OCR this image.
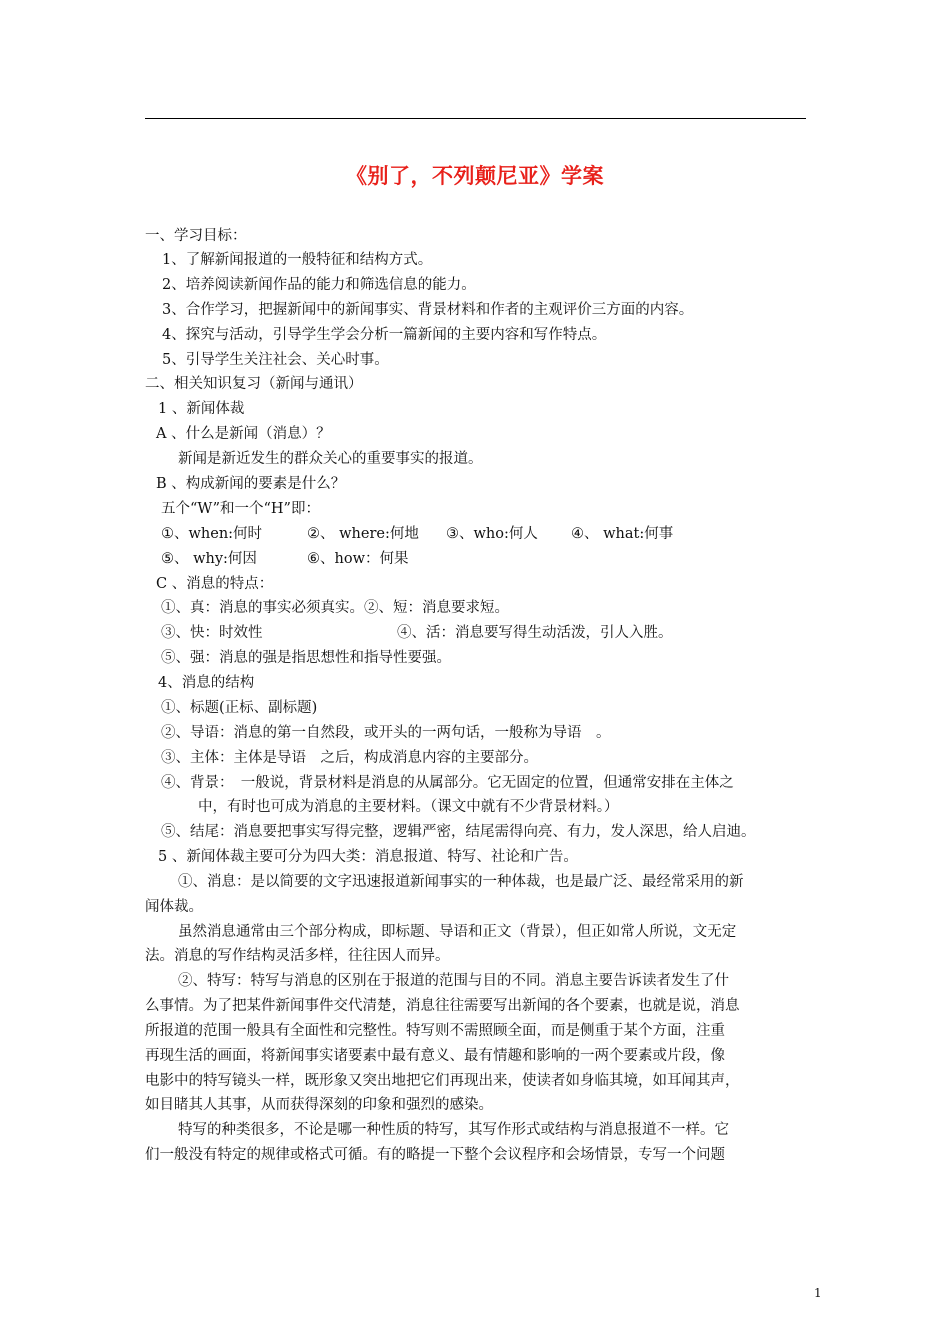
《别了，不列颠尼亚》学案
一、学习目标：
1、了解新闻报道的一般特征和结构方式。
2、培养阅读新闻作品的能力和筛选信息的能力。
3、合作学习，把握新闻中的新闻事实、背景材料和作者的主观评价三方面的内容。
4、探究与活动，引导学生学会分析一篇新闻的主要内容和写作特点。
5、引导学生关注社会、关心时事。
二、相关知识复习（新闻与通讯）
1 、新闻体裁
A 、什么是新闻（消息）？
新闻是新近发生的群众关心的重要事实的报道。
B 、构成新闻的要素是什么？
五个“W”和一个“H”即：
①、when:何时	②、 where:何地 ③、who:何人 ④、 what:何事
⑤、 why:何因	⑥、how：何果
C 、消息的特点：
①、真：消息的事实必须真实。②、短：消息要求短。
③、快：时效性	④、活：消息要写得生动活泼，引人入胜。
⑤、强：消息的强是指思想性和指导性要强。
4、消息的结构
①、标题(正标、副标题)
②、导语：消息的第一自然段，或开头的一两句话，一般称为导语　。
③、主体：主体是导语　之后，构成消息内容的主要部分。
④、背景：　一般说，背景材料是消息的从属部分。它无固定的位置，但通常安排在主体之
中，有时也可成为消息的主要材料。（课文中就有不少背景材料。）
⑤、结尾：消息要把事实写得完整，逻辑严密，结尾需得向亮、有力，发人深思，给人启迪。
5 、新闻体裁主要可分为四大类：消息报道、特写、社论和广告。
①、消息：是以简要的文字迅速报道新闻事实的一种体裁，也是最广泛、最经常采用的新
闻体裁。
虽然消息通常由三个部分构成，即标题、导语和正文（背景），但正如常人所说，文无定
法。消息的写作结构灵活多样，往往因人而异。
②、特写：特写与消息的区别在于报道的范围与目的不同。消息主要告诉读者发生了什
么事情。为了把某件新闻事件交代清楚，消息往往需要写出新闻的各个要素，也就是说，消息
所报道的范围一般具有全面性和完整性。特写则不需照顾全面，而是侧重于某个方面，注重
再现生活的画面，将新闻事实诸要素中最有意义、最有情趣和影响的一两个要素或片段，像
电影中的特写镜头一样，既形象又突出地把它们再现出来，使读者如身临其境，如耳闻其声，
如目睹其人其事，从而获得深刻的印象和强烈的感染。
特写的种类很多，不论是哪一种性质的特写，其写作形式或结构与消息报道不一样。它
们一般没有特定的规律或格式可循。有的略提一下整个会议程序和会场情景，专写一个问题
1
